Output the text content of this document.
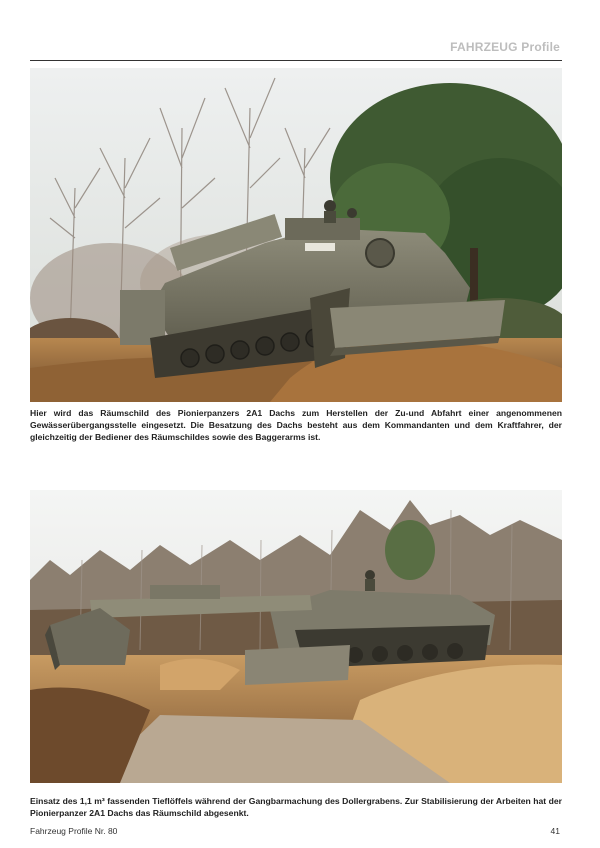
FAHRZEUG Profile

Hier wird das Räumschild des Pionierpanzers 2A1 Dachs zum Herstellen der Zu-und Abfahrt einer angenommenen Gewässerübergangsstelle eingesetzt. Die Besatzung des Dachs besteht aus dem Kommandanten und dem Kraftfahrer, der gleichzeitig der Bediener des Räumschildes sowie des Baggerarms ist.

Einsatz des 1,1 m³ fassenden Tieflöffels während der Gangbarmachung des Dollergrabens. Zur Stabilisierung der Arbeiten hat der Pionierpanzer 2A1 Dachs das Räumschild abgesenkt.

Fahrzeug Profile Nr. 80	41
